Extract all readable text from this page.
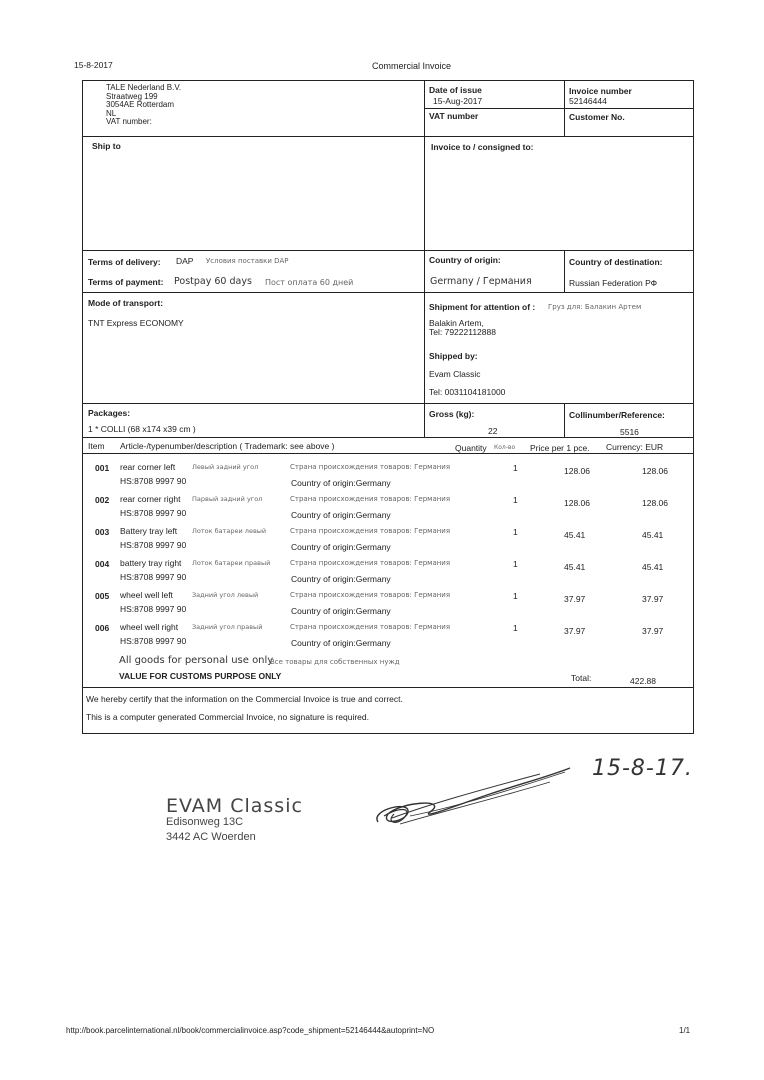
15-8-2017	Commercial Invoice
TALE Nederland B.V.
Straatweg 199
3054AE Rotterdam
NL
VAT number:
Date of issue
15-Aug-2017
Invoice number
52146444
VAT number	Customer No.
Ship to	Invoice to / consigned to:
Terms of delivery: DAP Условия поставки DAP
Terms of payment: Postpay 60 days Пост оплата 60 дней
Country of origin:
Germany / Германия
Country of destination:
Russian Federation РФ
Mode of transport:
TNT Express ECONOMY
Shipment for attention of : Груз для: Балакин Артем
Balakin Artem,
Tel: 79222112888
Shipped by:
Evam Classic
Tel: 0031104181000
Packages:
1 * COLLI (68 x174 x39 cm )
Gross (kg):
22
Collinumber/Reference:
5516
Item Article-/typenumber/description ( Trademark: see above )	Quantity Кол-во Price per 1 pce. Currency: EUR
001 rear corner left	Левый задний угол	Страна происхождения товаров: Германия	1	128.06	128.06
HS:8708 9997 90	Country of origin:Germany
002 rear corner right Парвый задний угол	Страна происхождения товаров: Германия	1	128.06	128.06
HS:8708 9997 90	Country of origin:Germany
003 Battery tray left Лоток батареи левый	Страна происхождения товаров: Германия	1	45.41	45.41
HS:8708 9997 90	Country of origin:Germany
004 battery tray right Лоток батареи правый	Страна происхождения товаров: Германия	1	45.41	45.41
HS:8708 9997 90	Country of origin:Germany
005 wheel well left	Задний угол левый	Страна происхождения товаров: Германия	1	37.97	37.97
HS:8708 9997 90	Country of origin:Germany
006 wheel well right Задний угол правый	Страна происхождения товаров: Германия	1	37.97	37.97
HS:8708 9997 90	Country of origin:Germany
All goods for personal use only
Все товары для собственных нужд
VALUE FOR CUSTOMS PURPOSE ONLY	Total:	422.88
We hereby certify that the information on the Commercial Invoice is true and correct.
This is a computer generated Commercial Invoice, no signature is required.
15-8-17.
EVAM Classic
Edisonweg 13C
3442 AC Woerden
http://book.parcelinternational.nl/book/commercialinvoice.asp?code_shipment=52146444&autoprint=NO	1/1
